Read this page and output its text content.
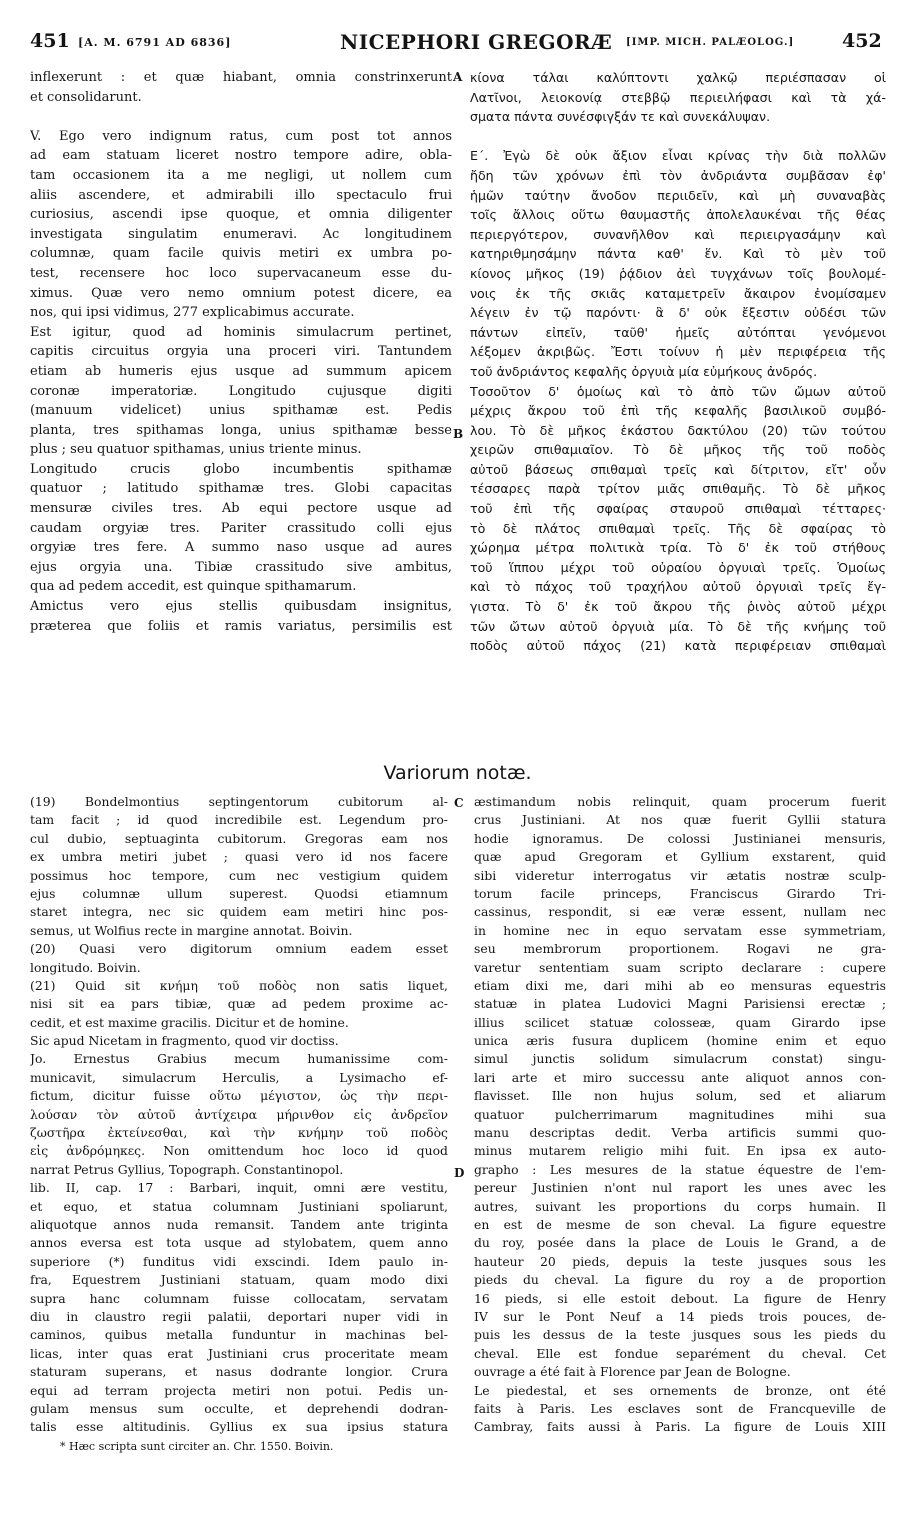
451 [A. M. 6791 AD 6836]	NICEPHORI GREGORÆ [IMP. MICH. PALÆOLOG.]	452
inflexerunt : et quæ hiabant, omnia constrinxerunt
et consolidarunt.

V. Ego vero indignum ratus, cum post tot annos
ad eam statuam liceret nostro tempore adire, obla-
tam occasionem ita a me negligi, ut nollem cum
aliis ascendere, et admirabili illo spectaculo frui
curiosius, ascendi ipse quoque, et omnia diligenter
investigata singulatim enumeravi. Ac longitudinem
columnæ, quam facile quivis metiri ex umbra po-
test, recensere hoc loco supervacaneum esse du-
ximus. Quæ vero nemo omnium potest dicere, ea
nos, qui ipsi vidimus, 277 explicabimus accurate.
Est igitur, quod ad hominis simulacrum pertinet,
capitis circuitus orgyia una proceri viri. Tantundem
etiam ab humeris ejus usque ad summum apicem
coronæ imperatoriæ. Longitudo cujusque digiti
(manuum videlicet) unius spithamæ est. Pedis
planta, tres spithamas longa, unius spithamæ besse
plus ; seu quatuor spithamas, unius triente minus.
Longitudo crucis globo incumbentis spithamæ
quatuor ; latitudo spithamæ tres. Globi capacitas
mensuræ civiles tres. Ab equi pectore usque ad
caudam orgyiæ tres. Pariter crassitudo colli ejus
orgyiæ tres fere. A summo naso usque ad aures
ejus orgyia una. Tibiæ crassitudo sive ambitus,
qua ad pedem accedit, est quinque spithamarum.
Amictus vero ejus stellis quibusdam insignitus,
præterea que foliis et ramis variatus, persimilis est
κίονα τάλαι καλύπτοντι χαλκῷ περιέσπασαν οἱ
Λατῖνοι, λειοκονίᾳ στεββῷ περιειλήφασι καὶ τὰ χά-
σματα πάντα συνέσφιγξάν τε καὶ συνεκάλυψαν.

Ε΄. Ἐγὼ δὲ οὐκ ἄξιον εἶναι κρίνας τὴν διὰ πολλῶν
ἤδη τῶν χρόνων ἐπὶ τὸν ἀνδριάντα συμβᾶσαν ἐφ'
ἡμῶν ταύτην ἄνοδον περιιδεῖν, καὶ μὴ συναναβὰς
τοῖς ἄλλοις οὕτω θαυμαστῆς ἀπολελαυκέναι τῆς θέας
περιεργότερον, συνανῆλθον καὶ περιειργασάμην καὶ
κατηριθμησάμην πάντα καθ' ἕν. Καὶ τὸ μὲν τοῦ
κίονος μῆκος (19) ῥᾴδιον ἀεὶ τυγχάνων τοῖς βουλομέ-
νοις ἐκ τῆς σκιᾶς καταμετρεῖν ἄκαιρον ἐνομίσαμεν
λέγειν ἐν τῷ παρόντι· ἃ δ' οὐκ ἔξεστιν οὐδέσι τῶν
πάντων εἰπεῖν, ταῦθ' ἡμεῖς αὐτόπται γενόμενοι
λέξομεν ἀκριβῶς. Ἔστι τοίνυν ἡ μὲν περιφέρεια τῆς
τοῦ ἀνδριάντος κεφαλῆς ὀργυιὰ μία εὐμήκους ἀνδρός.
Τοσοῦτον δ' ὁμοίως καὶ τὸ ἀπὸ τῶν ὤμων αὐτοῦ
μέχρις ἄκρου τοῦ ἐπὶ τῆς κεφαλῆς βασιλικοῦ συμβό-
λου. Τὸ δὲ μῆκος ἑκάστου δακτύλου (20) τῶν τούτου
χειρῶν σπιθαμιαῖον. Τὸ δὲ μῆκος τῆς τοῦ ποδὸς
αὐτοῦ βάσεως σπιθαμαὶ τρεῖς καὶ δίτριτον, εἴτ' οὖν
τέσσαρες παρὰ τρίτον μιᾶς σπιθαμῆς. Τὸ δὲ μῆκος
τοῦ ἐπὶ τῆς σφαίρας σταυροῦ σπιθαμαὶ τέτταρες·
τὸ δὲ πλάτος σπιθαμαὶ τρεῖς. Τῆς δὲ σφαίρας τὸ
χώρημα μέτρα πολιτικὰ τρία. Τὸ δ' ἐκ τοῦ στήθους
τοῦ ἵππου μέχρι τοῦ οὐραίου ὀργυιαὶ τρεῖς. Ὁμοίως
καὶ τὸ πάχος τοῦ τραχήλου αὐτοῦ ὀργυιαὶ τρεῖς ἔγ-
γιστα. Τὸ δ' ἐκ τοῦ ἄκρου τῆς ῥινὸς αὐτοῦ μέχρι
τῶν ὤτων αὐτοῦ ὀργυιὰ μία. Τὸ δὲ τῆς κνήμης τοῦ
ποδὸς αὐτοῦ πάχος (21) κατὰ περιφέρειαν σπιθαμαὶ
A
B
C
D
Variorum notæ.
(19) Bondelmontius septingentorum cubitorum al-
tam facit ; id quod incredibile est. Legendum pro-
cul dubio, septuaginta cubitorum. Gregoras eam nos
ex umbra metiri jubet ; quasi vero id nos facere
possimus hoc tempore, cum nec vestigium quidem
ejus columnæ ullum superest. Quodsi etiamnum
staret integra, nec sic quidem eam metiri hinc pos-
semus, ut Wolfius recte in margine annotat. Boivin.
(20) Quasi vero digitorum omnium eadem esset
longitudo. Boivin.
(21) Quid sit κνήμη τοῦ ποδὸς non satis liquet,
nisi sit ea pars tibiæ, quæ ad pedem proxime ac-
cedit, et est maxime gracilis. Dicitur et de homine.
Sic apud Nicetam in fragmento, quod vir doctiss.
Jo. Ernestus Grabius mecum humanissime com-
municavit, simulacrum Herculis, a Lysimacho ef-
fictum, dicitur fuisse οὕτω μέγιστον, ὡς τὴν περι-
λούσαν τὸν αὐτοῦ ἀντίχειρα μήρινθον εἰς ἀνδρεῖον
ζωστῆρα ἐκτείνεσθαι, καὶ τὴν κνήμην τοῦ ποδὸς
εἰς ἀνδρόμηκες. Non omittendum hoc loco id quod
narrat Petrus Gyllius, Topograph. Constantinopol.
lib. II, cap. 17 : Barbari, inquit, omni ære vestitu,
et equo, et statua columnam Justiniani spoliarunt,
aliquotque annos nuda remansit. Tandem ante triginta
annos eversa est tota usque ad stylobatem, quem anno
superiore (*) funditus vidi exscindi. Idem paulo in-
fra, Equestrem Justiniani statuam, quam modo dixi
supra hanc columnam fuisse collocatam, servatam
diu in claustro regii palatii, deportari nuper vidi in
caminos, quibus metalla funduntur in machinas bel-
licas, inter quas erat Justiniani crus proceritate meam
staturam superans, et nasus dodrante longior. Crura
equi ad terram projecta metiri non potui. Pedis un-
gulam mensus sum occulte, et deprehendi dodran-
talis esse altitudinis. Gyllius ex sua ipsius statura
æstimandum nobis relinquit, quam procerum fuerit
crus Justiniani. At nos quæ fuerit Gyllii statura
hodie ignoramus. De colossi Justinianei mensuris,
quæ apud Gregoram et Gyllium exstarent, quid
sibi videretur interrogatus vir ætatis nostræ sculp-
torum facile princeps, Franciscus Girardo Tri-
cassinus, respondit, si eæ veræ essent, nullam nec
in homine nec in equo servatam esse symmetriam,
seu membrorum proportionem. Rogavi ne gra-
varetur sententiam suam scripto declarare : cupere
etiam dixi me, dari mihi ab eo mensuras equestris
statuæ in platea Ludovici Magni Parisiensi erectæ ;
illius scilicet statuæ colosseæ, quam Girardo ipse
unica æris fusura duplicem (homine enim et equo
simul junctis solidum simulacrum constat) singu-
lari arte et miro successu ante aliquot annos con-
flavisset. Ille non hujus solum, sed et aliarum
quatuor pulcherrimarum magnitudines mihi sua
manu descriptas dedit. Verba artificis summi quo-
minus mutarem religio mihi fuit. En ipsa ex auto-
grapho : Les mesures de la statue équestre de l'em-
pereur Justinien n'ont nul raport les unes avec les
autres, suivant les proportions du corps humain. Il
en est de mesme de son cheval. La figure equestre
du roy, posée dans la place de Louis le Grand, a de
hauteur 20 pieds, depuis la teste jusques sous les
pieds du cheval. La figure du roy a de proportion
16 pieds, si elle estoit debout. La figure de Henry
IV sur le Pont Neuf a 14 pieds trois pouces, de-
puis les dessus de la teste jusques sous les pieds du
cheval. Elle est fondue separément du cheval. Cet
ouvrage a été fait à Florence par Jean de Bologne.
Le piedestal, et ses ornements de bronze, ont été
faits à Paris. Les esclaves sont de Francqueville de
Cambray, faits aussi à Paris. La figure de Louis XIII
* Hæc scripta sunt circiter an. Chr. 1550. Boivin.
